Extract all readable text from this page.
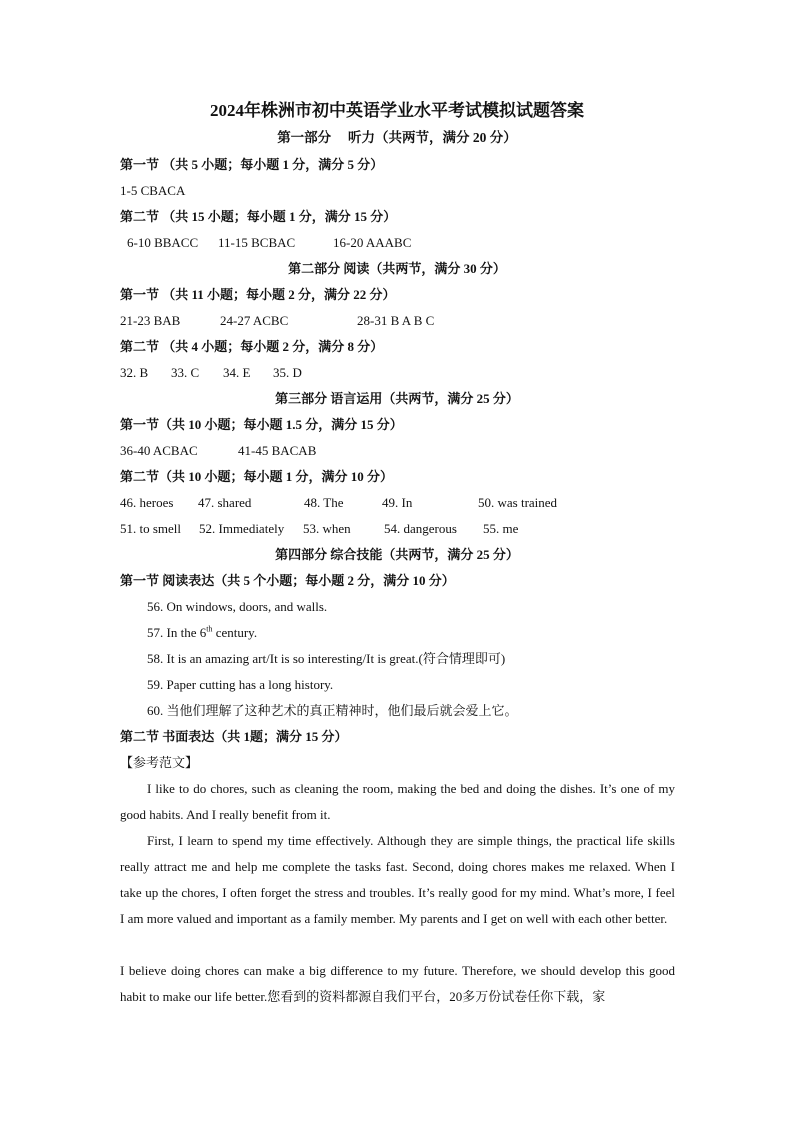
2024年株洲市初中英语学业水平考试模拟试题答案
第一部分　 听力（共两节，满分 20 分）
第一节 （共 5 小题；每小题 1 分，满分 5 分）
1-5 CBACA
第二节 （共 15 小题；每小题 1 分，满分 15 分）
6-10 BBACC 11-15 BCBAC	16-20 AAABC
第二部分 阅读（共两节，满分 30 分）
第一节 （共 11 小题；每小题 2 分，满分 22 分）
21-23 BAB	24-27 ACBC	28-31 B A B C
第二节 （共 4 小题；每小题 2 分，满分 8 分）
32. B 33. C 34. E 35. D
第三部分 语言运用（共两节，满分 25 分）
第一节（共 10 小题；每小题 1.5 分，满分 15 分）
36-40 ACBAC	41-45 BACAB
第二节（共 10 小题；每小题 1 分，满分 10 分）
46. heroes 47. shared	48. The	49. In	50. was trained
51. to smell 52. Immediately 53. when	54. dangerous 55. me
第四部分 综合技能（共两节，满分 25 分）
第一节 阅读表达（共 5 个小题；每小题 2 分，满分 10 分）
56. On windows, doors, and walls.
57. In the 6th century.
58. It is an amazing art/It is so interesting/It is great.(符合情理即可)
59. Paper cutting has a long history.
60. 当他们理解了这种艺术的真正精神时，他们最后就会爱上它。
第二节 书面表达（共 1题；满分 15 分）
【参考范文】
I like to do chores, such as cleaning the room, making the bed and doing the dishes. It’s one of my good habits. And I really benefit from it.
First, I learn to spend my time effectively. Although they are simple things, the practical life skills really attract me and help me complete the tasks fast. Second, doing chores makes me relaxed. When I take up the chores, I often forget the stress and troubles. It’s really good for my mind. What’s more, I feel I am more valued and important as a family member. My parents and I get on well with each other better.
I believe doing chores can make a big difference to my future. Therefore, we should develop this good habit to make our life better.您看到的资料都源自我们平台，20多万份试卷任你下载，家
